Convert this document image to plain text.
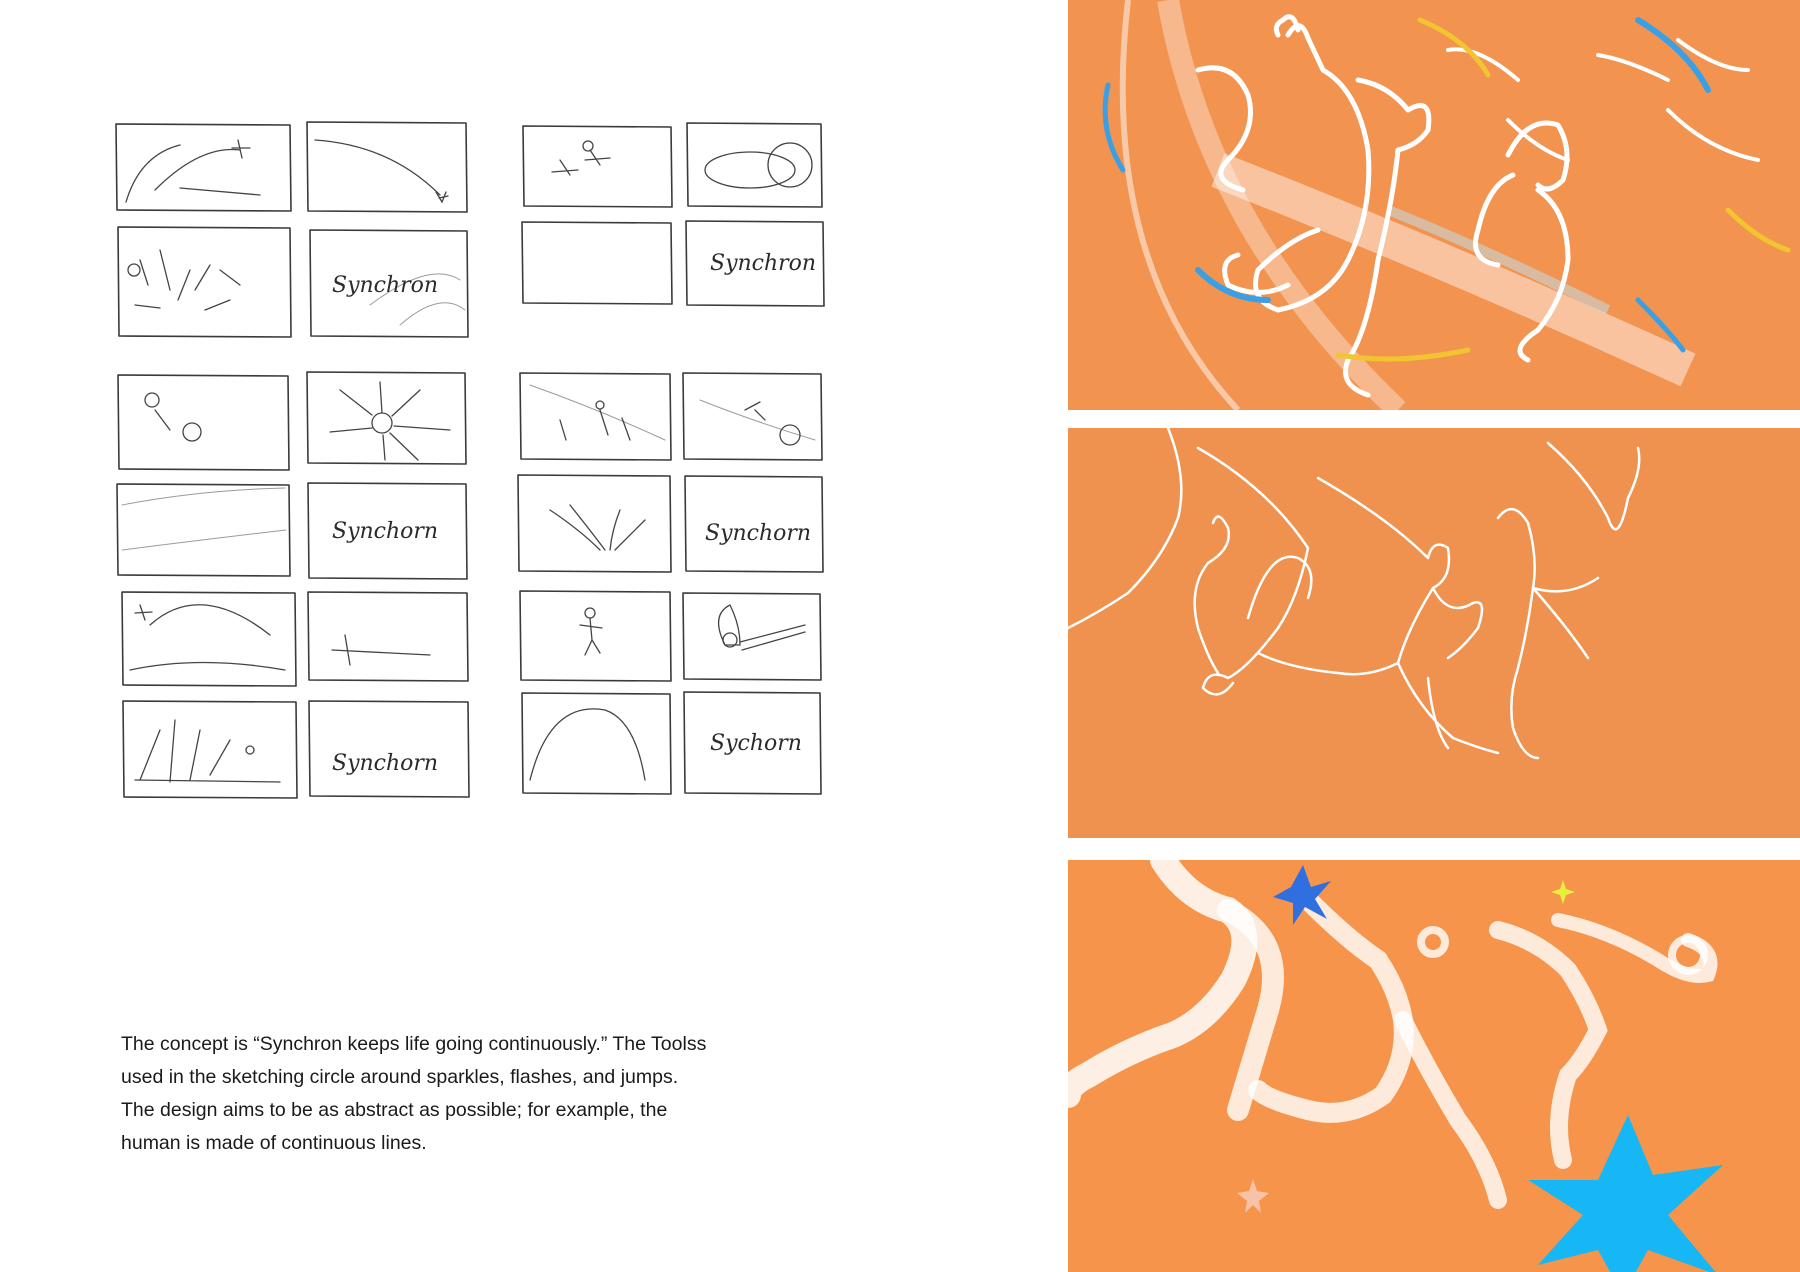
Synchron
Synchron
Synchorn	Synchorn
Synchorn
Sychorn

The concept is “Synchron keeps life going continuously.” The Toolss

used in the sketching circle around sparkles, flashes, and jumps.

The design aims to be as abstract as possible; for example, the

human is made of continuous lines.
